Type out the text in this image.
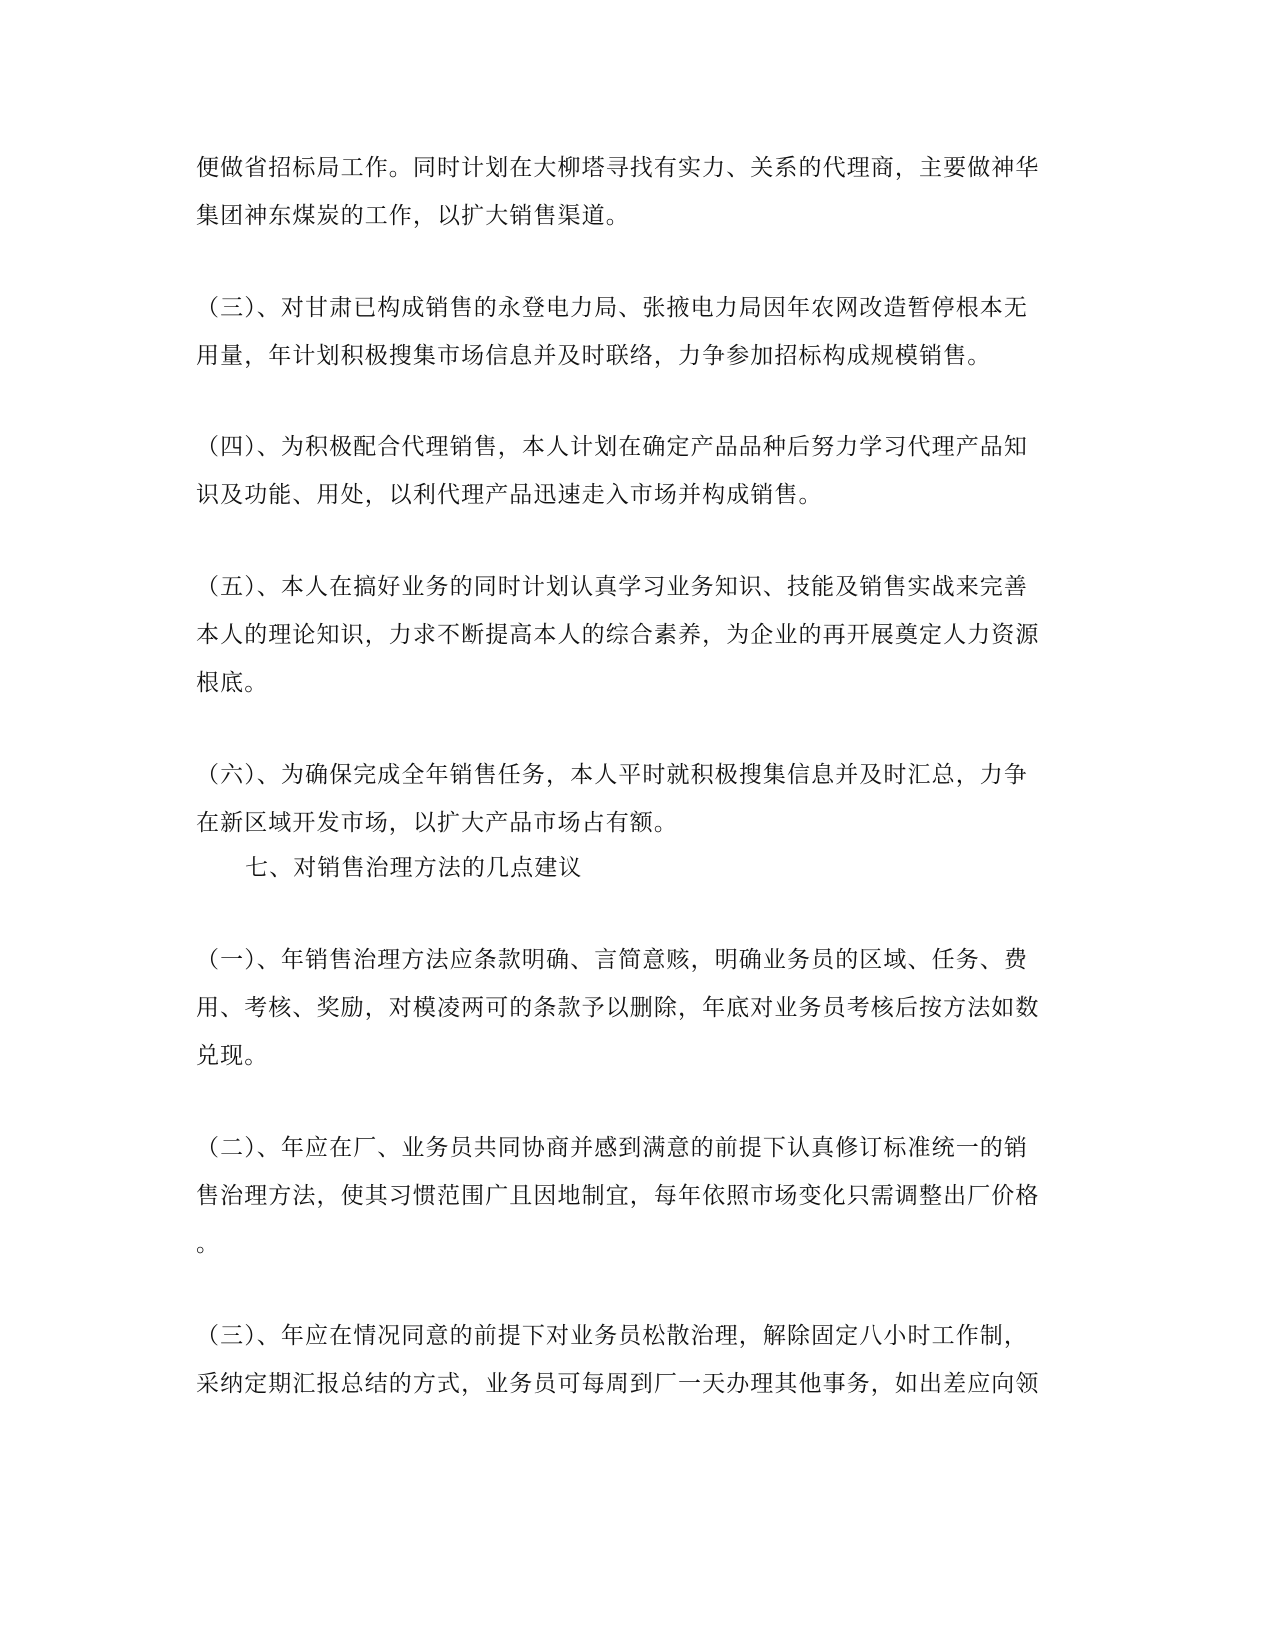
便做省招标局工作。同时计划在大柳塔寻找有实力、关系的代理商，主要做神华
集团神东煤炭的工作，以扩大销售渠道。
（三）、对甘肃已构成销售的永登电力局、张掖电力局因年农网改造暂停根本无
用量，年计划积极搜集市场信息并及时联络，力争参加招标构成规模销售。
（四）、为积极配合代理销售，本人计划在确定产品品种后努力学习代理产品知
识及功能、用处，以利代理产品迅速走入市场并构成销售。
（五）、本人在搞好业务的同时计划认真学习业务知识、技能及销售实战来完善
本人的理论知识，力求不断提高本人的综合素养，为企业的再开展奠定人力资源
根底。
（六）、为确保完成全年销售任务，本人平时就积极搜集信息并及时汇总，力争
在新区域开发市场，以扩大产品市场占有额。
七、对销售治理方法的几点建议
（一）、年销售治理方法应条款明确、言简意赅，明确业务员的区域、任务、费
用、考核、奖励，对模凌两可的条款予以删除，年底对业务员考核后按方法如数
兑现。
（二）、年应在厂、业务员共同协商并感到满意的前提下认真修订标准统一的销
售治理方法，使其习惯范围广且因地制宜，每年依照市场变化只需调整出厂价格
。
（三）、年应在情况同意的前提下对业务员松散治理，解除固定八小时工作制，
采纳定期汇报总结的方式，业务员可每周到厂一天办理其他事务，如出差应向领
